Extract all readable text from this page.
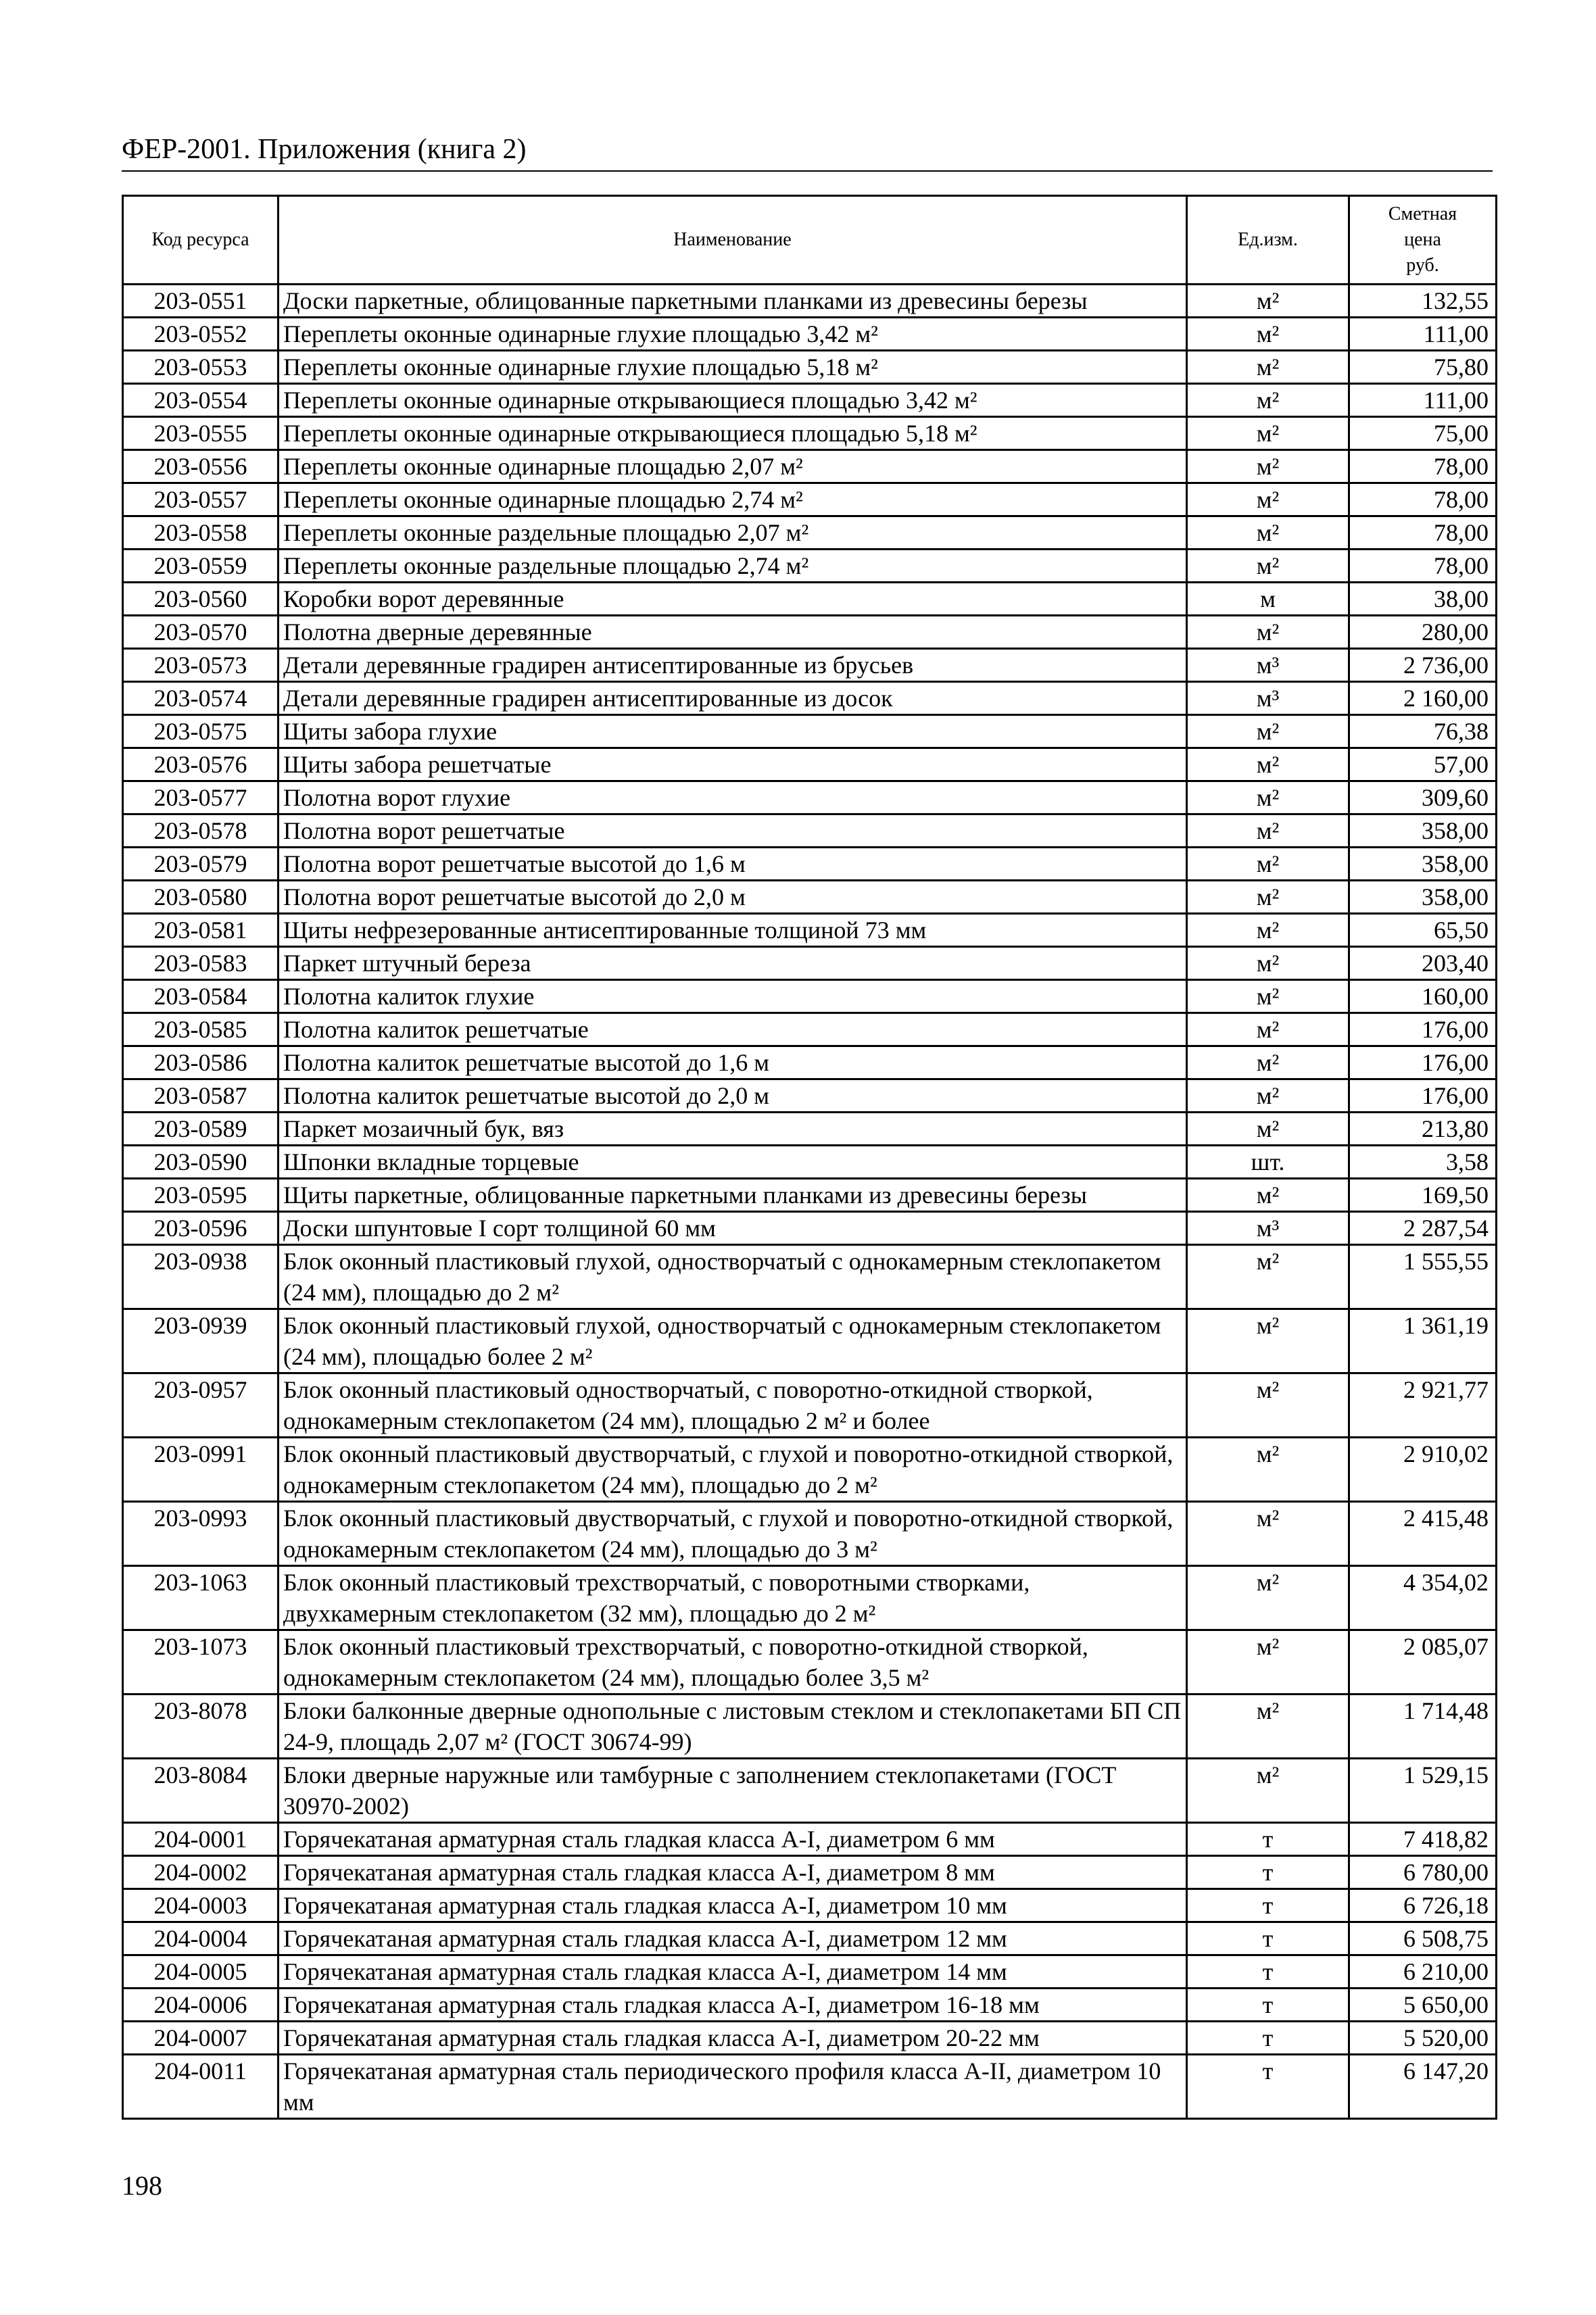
ФЕР-2001. Приложения (книга 2)
Код ресурса	Наименование	Ед.изм.	Сметная цена руб.
203-0551	Доски паркетные, облицованные паркетными планками из древесины березы	м²	132,55
203-0552	Переплеты оконные одинарные глухие площадью 3,42 м²	м²	111,00
203-0553	Переплеты оконные одинарные глухие площадью 5,18 м²	м²	75,80
203-0554	Переплеты оконные одинарные открывающиеся площадью 3,42 м²	м²	111,00
203-0555	Переплеты оконные одинарные открывающиеся площадью 5,18 м²	м²	75,00
203-0556	Переплеты оконные одинарные площадью 2,07 м²	м²	78,00
203-0557	Переплеты оконные одинарные площадью 2,74 м²	м²	78,00
203-0558	Переплеты оконные раздельные площадью 2,07 м²	м²	78,00
203-0559	Переплеты оконные раздельные площадью 2,74 м²	м²	78,00
203-0560	Коробки ворот деревянные	м	38,00
203-0570	Полотна дверные деревянные	м²	280,00
203-0573	Детали деревянные градирен антисептированные из брусьев	м³	2 736,00
203-0574	Детали деревянные градирен антисептированные из досок	м³	2 160,00
203-0575	Щиты забора глухие	м²	76,38
203-0576	Щиты забора решетчатые	м²	57,00
203-0577	Полотна ворот глухие	м²	309,60
203-0578	Полотна ворот решетчатые	м²	358,00
203-0579	Полотна ворот решетчатые высотой до 1,6 м	м²	358,00
203-0580	Полотна ворот решетчатые высотой до 2,0 м	м²	358,00
203-0581	Щиты нефрезерованные антисептированные толщиной 73 мм	м²	65,50
203-0583	Паркет штучный береза	м²	203,40
203-0584	Полотна калиток глухие	м²	160,00
203-0585	Полотна калиток решетчатые	м²	176,00
203-0586	Полотна калиток решетчатые высотой до 1,6 м	м²	176,00
203-0587	Полотна калиток решетчатые высотой до 2,0 м	м²	176,00
203-0589	Паркет мозаичный бук, вяз	м²	213,80
203-0590	Шпонки вкладные торцевые	шт.	3,58
203-0595	Щиты паркетные, облицованные паркетными планками из древесины березы	м²	169,50
203-0596	Доски шпунтовые I сорт толщиной 60 мм	м³	2 287,54
203-0938	Блок оконный пластиковый глухой, одностворчатый с однокамерным стеклопакетом (24 мм), площадью до 2 м²	м²	1 555,55
203-0939	Блок оконный пластиковый глухой, одностворчатый с однокамерным стеклопакетом (24 мм), площадью более 2 м²	м²	1 361,19
203-0957	Блок оконный пластиковый одностворчатый, с поворотно-откидной створкой, однокамерным стеклопакетом (24 мм), площадью 2 м² и более	м²	2 921,77
203-0991	Блок оконный пластиковый двустворчатый, с глухой и поворотно-откидной створкой, однокамерным стеклопакетом (24 мм), площадью до 2 м²	м²	2 910,02
203-0993	Блок оконный пластиковый двустворчатый, с глухой и поворотно-откидной створкой, однокамерным стеклопакетом (24 мм), площадью до 3 м²	м²	2 415,48
203-1063	Блок оконный пластиковый трехстворчатый, с поворотными створками, двухкамерным стеклопакетом (32 мм), площадью до 2 м²	м²	4 354,02
203-1073	Блок оконный пластиковый трехстворчатый, с поворотно-откидной створкой, однокамерным стеклопакетом (24 мм), площадью более 3,5 м²	м²	2 085,07
203-8078	Блоки балконные дверные однопольные с листовым стеклом и стеклопакетами БП СП 24-9, площадь 2,07 м² (ГОСТ 30674-99)	м²	1 714,48
203-8084	Блоки дверные наружные или тамбурные с заполнением стеклопакетами (ГОСТ 30970-2002)	м²	1 529,15
204-0001	Горячекатаная арматурная сталь гладкая класса А-I, диаметром 6 мм	т	7 418,82
204-0002	Горячекатаная арматурная сталь гладкая класса А-I, диаметром 8 мм	т	6 780,00
204-0003	Горячекатаная арматурная сталь гладкая класса А-I, диаметром 10 мм	т	6 726,18
204-0004	Горячекатаная арматурная сталь гладкая класса А-I, диаметром 12 мм	т	6 508,75
204-0005	Горячекатаная арматурная сталь гладкая класса А-I, диаметром 14 мм	т	6 210,00
204-0006	Горячекатаная арматурная сталь гладкая класса А-I, диаметром 16-18 мм	т	5 650,00
204-0007	Горячекатаная арматурная сталь гладкая класса А-I, диаметром 20-22 мм	т	5 520,00
204-0011	Горячекатаная арматурная сталь периодического профиля класса А-II, диаметром 10 мм	т	6 147,20
198
